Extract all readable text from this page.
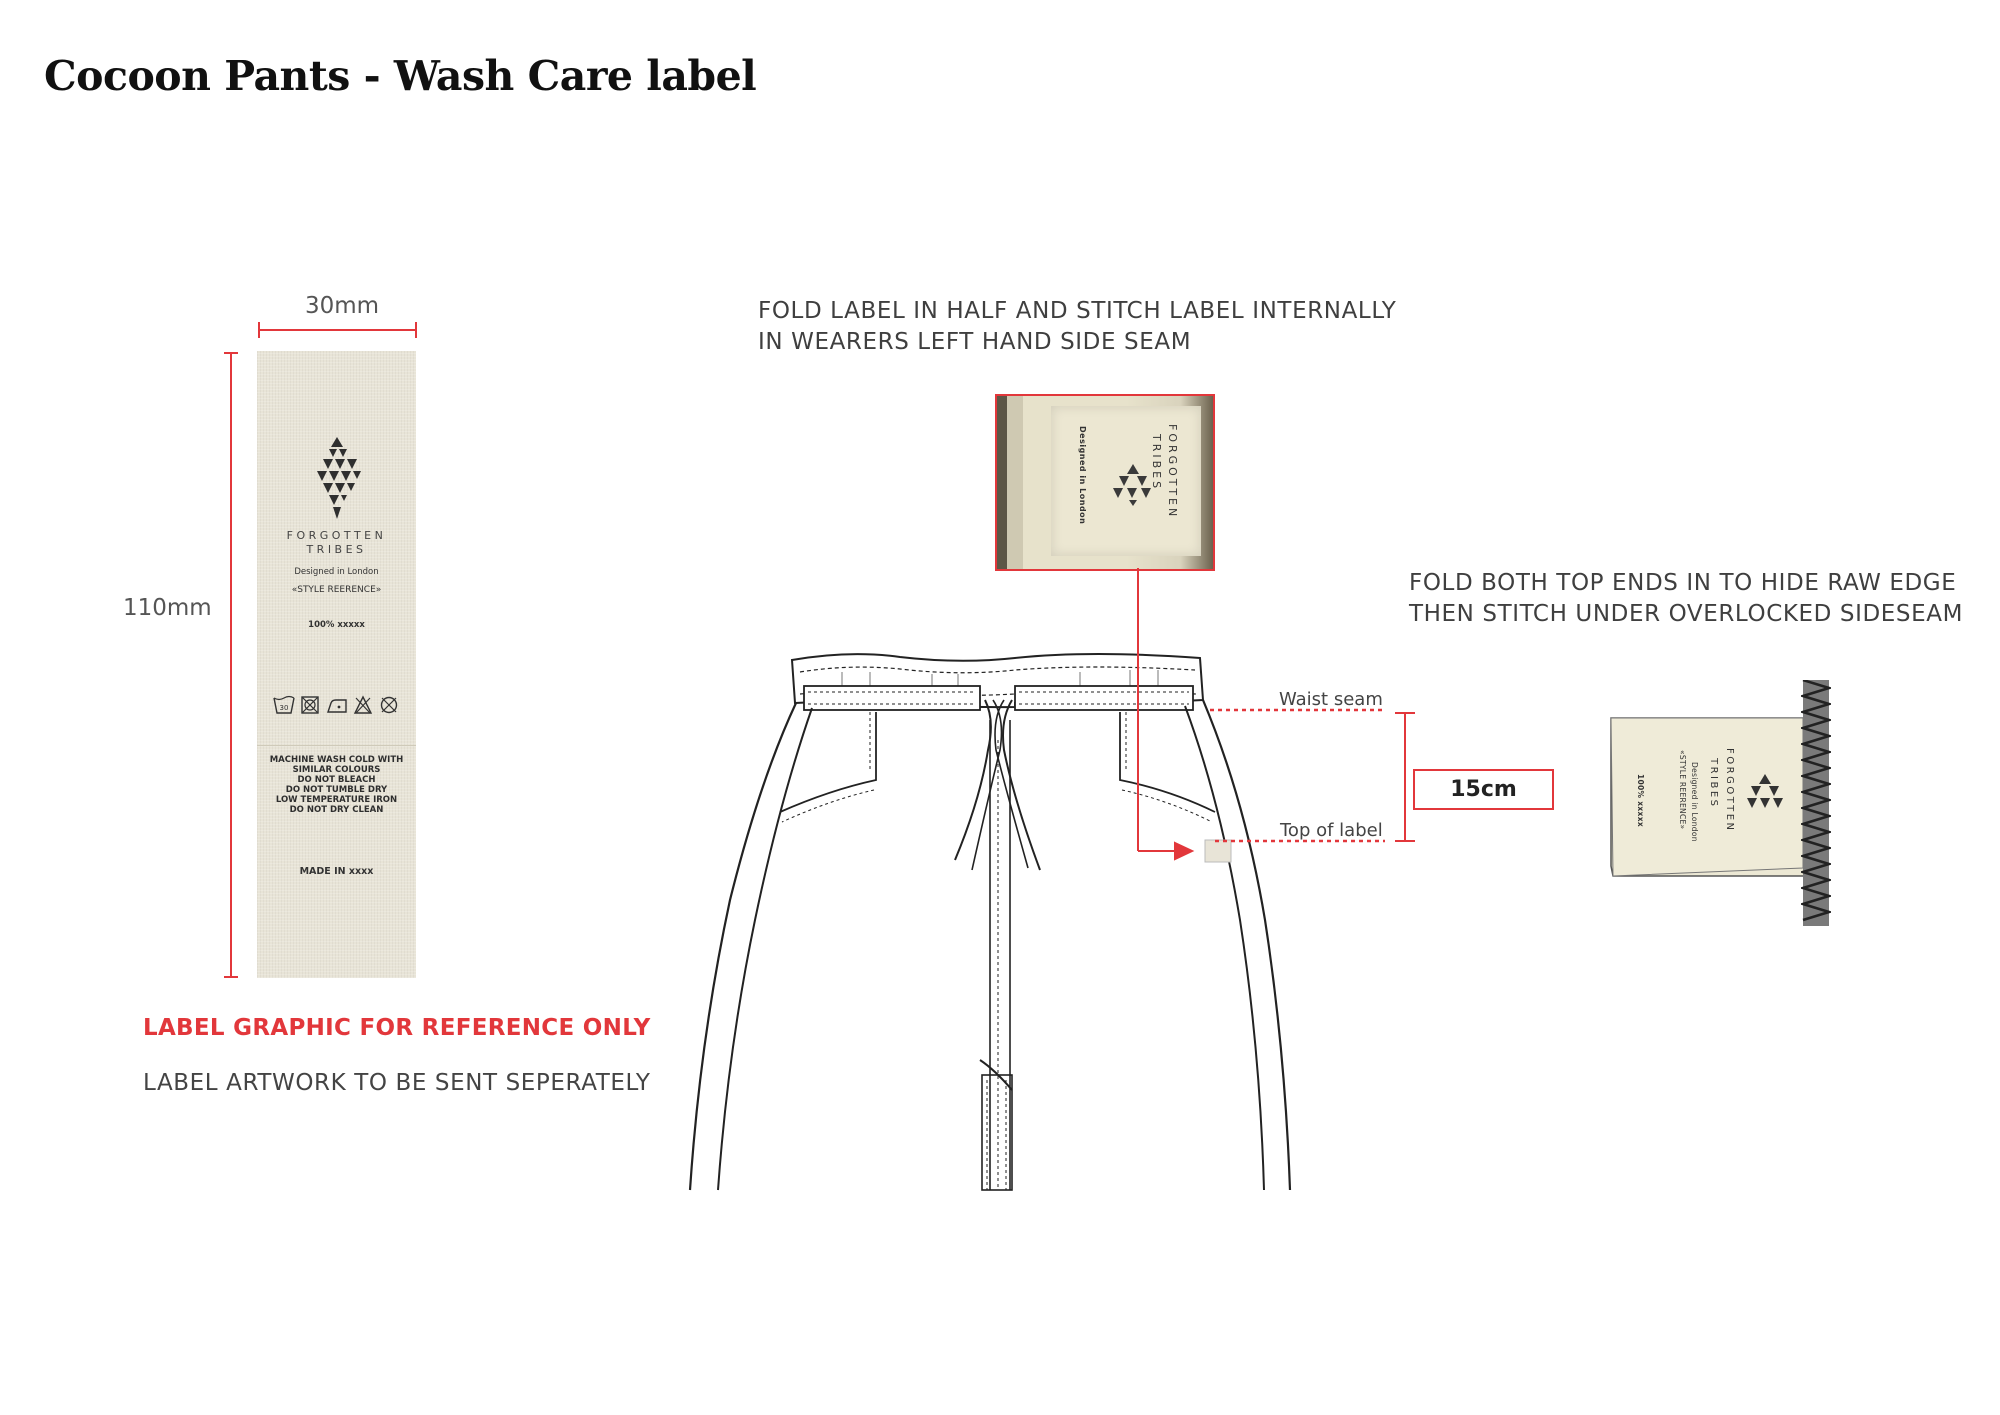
Cocoon Pants - Wash Care label
30mm
110mm
FORGOTTEN
TRIBES
Designed in London
«STYLE REERENCE»
100% xxxxx
30
MACHINE WASH COLD WITH
SIMILAR COLOURS
DO NOT BLEACH
DO NOT TUMBLE DRY
LOW TEMPERATURE IRON
DO NOT DRY CLEAN
MADE IN xxxx
LABEL GRAPHIC FOR REFERENCE ONLY
LABEL ARTWORK TO BE SENT SEPERATELY
FOLD LABEL IN HALF AND STITCH LABEL INTERNALLY
IN WEARERS LEFT HAND SIDE SEAM
FORGOTTEN
TRIBES
Designed in London
Waist seam
Top of label
15cm
FOLD BOTH TOP ENDS IN TO HIDE RAW EDGE
THEN STITCH UNDER OVERLOCKED SIDESEAM
FORGOTTEN
TRIBES
Designed in London
«STYLE REERENCE»
100% xxxxx
